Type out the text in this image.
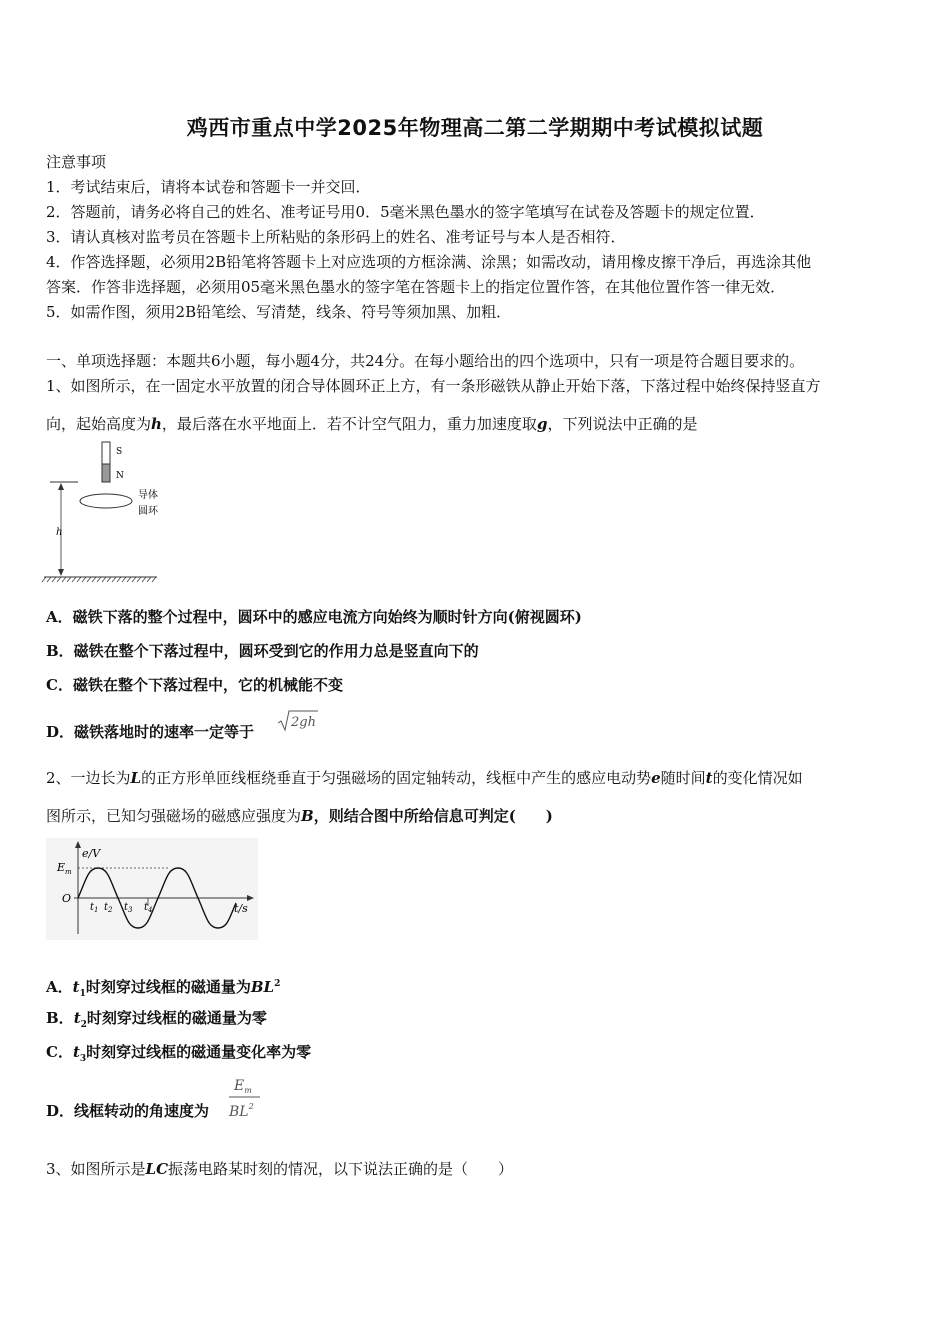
鸡西市重点中学2025年物理高二第二学期期中考试模拟试题
注意事项
1．考试结束后，请将本试卷和答题卡一并交回．
2．答题前，请务必将自己的姓名、准考证号用0．5毫米黑色墨水的签字笔填写在试卷及答题卡的规定位置．
3．请认真核对监考员在答题卡上所粘贴的条形码上的姓名、准考证号与本人是否相符．
4．作答选择题，必须用2B铅笔将答题卡上对应选项的方框涂满、涂黑；如需改动，请用橡皮擦干净后，再选涂其他
答案．作答非选择题，必须用05毫米黑色墨水的签字笔在答题卡上的指定位置作答，在其他位置作答一律无效．
5．如需作图，须用2B铅笔绘、写清楚，线条、符号等须加黑、加粗．
一、单项选择题：本题共6小题，每小题4分，共24分。在每小题给出的四个选项中，只有一项是符合题目要求的。
1、如图所示，在一固定水平放置的闭合导体圆环正上方，有一条形磁铁从静止开始下落，下落过程中始终保持竖直方
向，起始高度为h，最后落在水平地面上．若不计空气阻力，重力加速度取g，下列说法中正确的是
S
N
导体
圆环
h
A．磁铁下落的整个过程中，圆环中的感应电流方向始终为顺时针方向(俯视圆环)
B．磁铁在整个下落过程中，圆环受到它的作用力总是竖直向下的
C．磁铁在整个下落过程中，它的机械能不变
D．磁铁落地时的速率一定等于
2gh
2、一边长为L的正方形单匝线框绕垂直于匀强磁场的固定轴转动，线框中产生的感应电动势e随时间t的变化情况如
图所示，已知匀强磁场的磁感应强度为B，则结合图中所给信息可判定(　　)
e/V
$E_m$
O
$t_1$ $t_2$ $t_3$ $t_4$	t/s
A．$t_1$时刻穿过线框的磁通量为$BL^2$
B．$t_2$时刻穿过线框的磁通量为零
C．$t_3$时刻穿过线框的磁通量变化率为零
D．线框转动的角速度为
$E_m$
$BL^2$
3、如图所示是LC振荡电路某时刻的情况，以下说法正确的是（　　）
